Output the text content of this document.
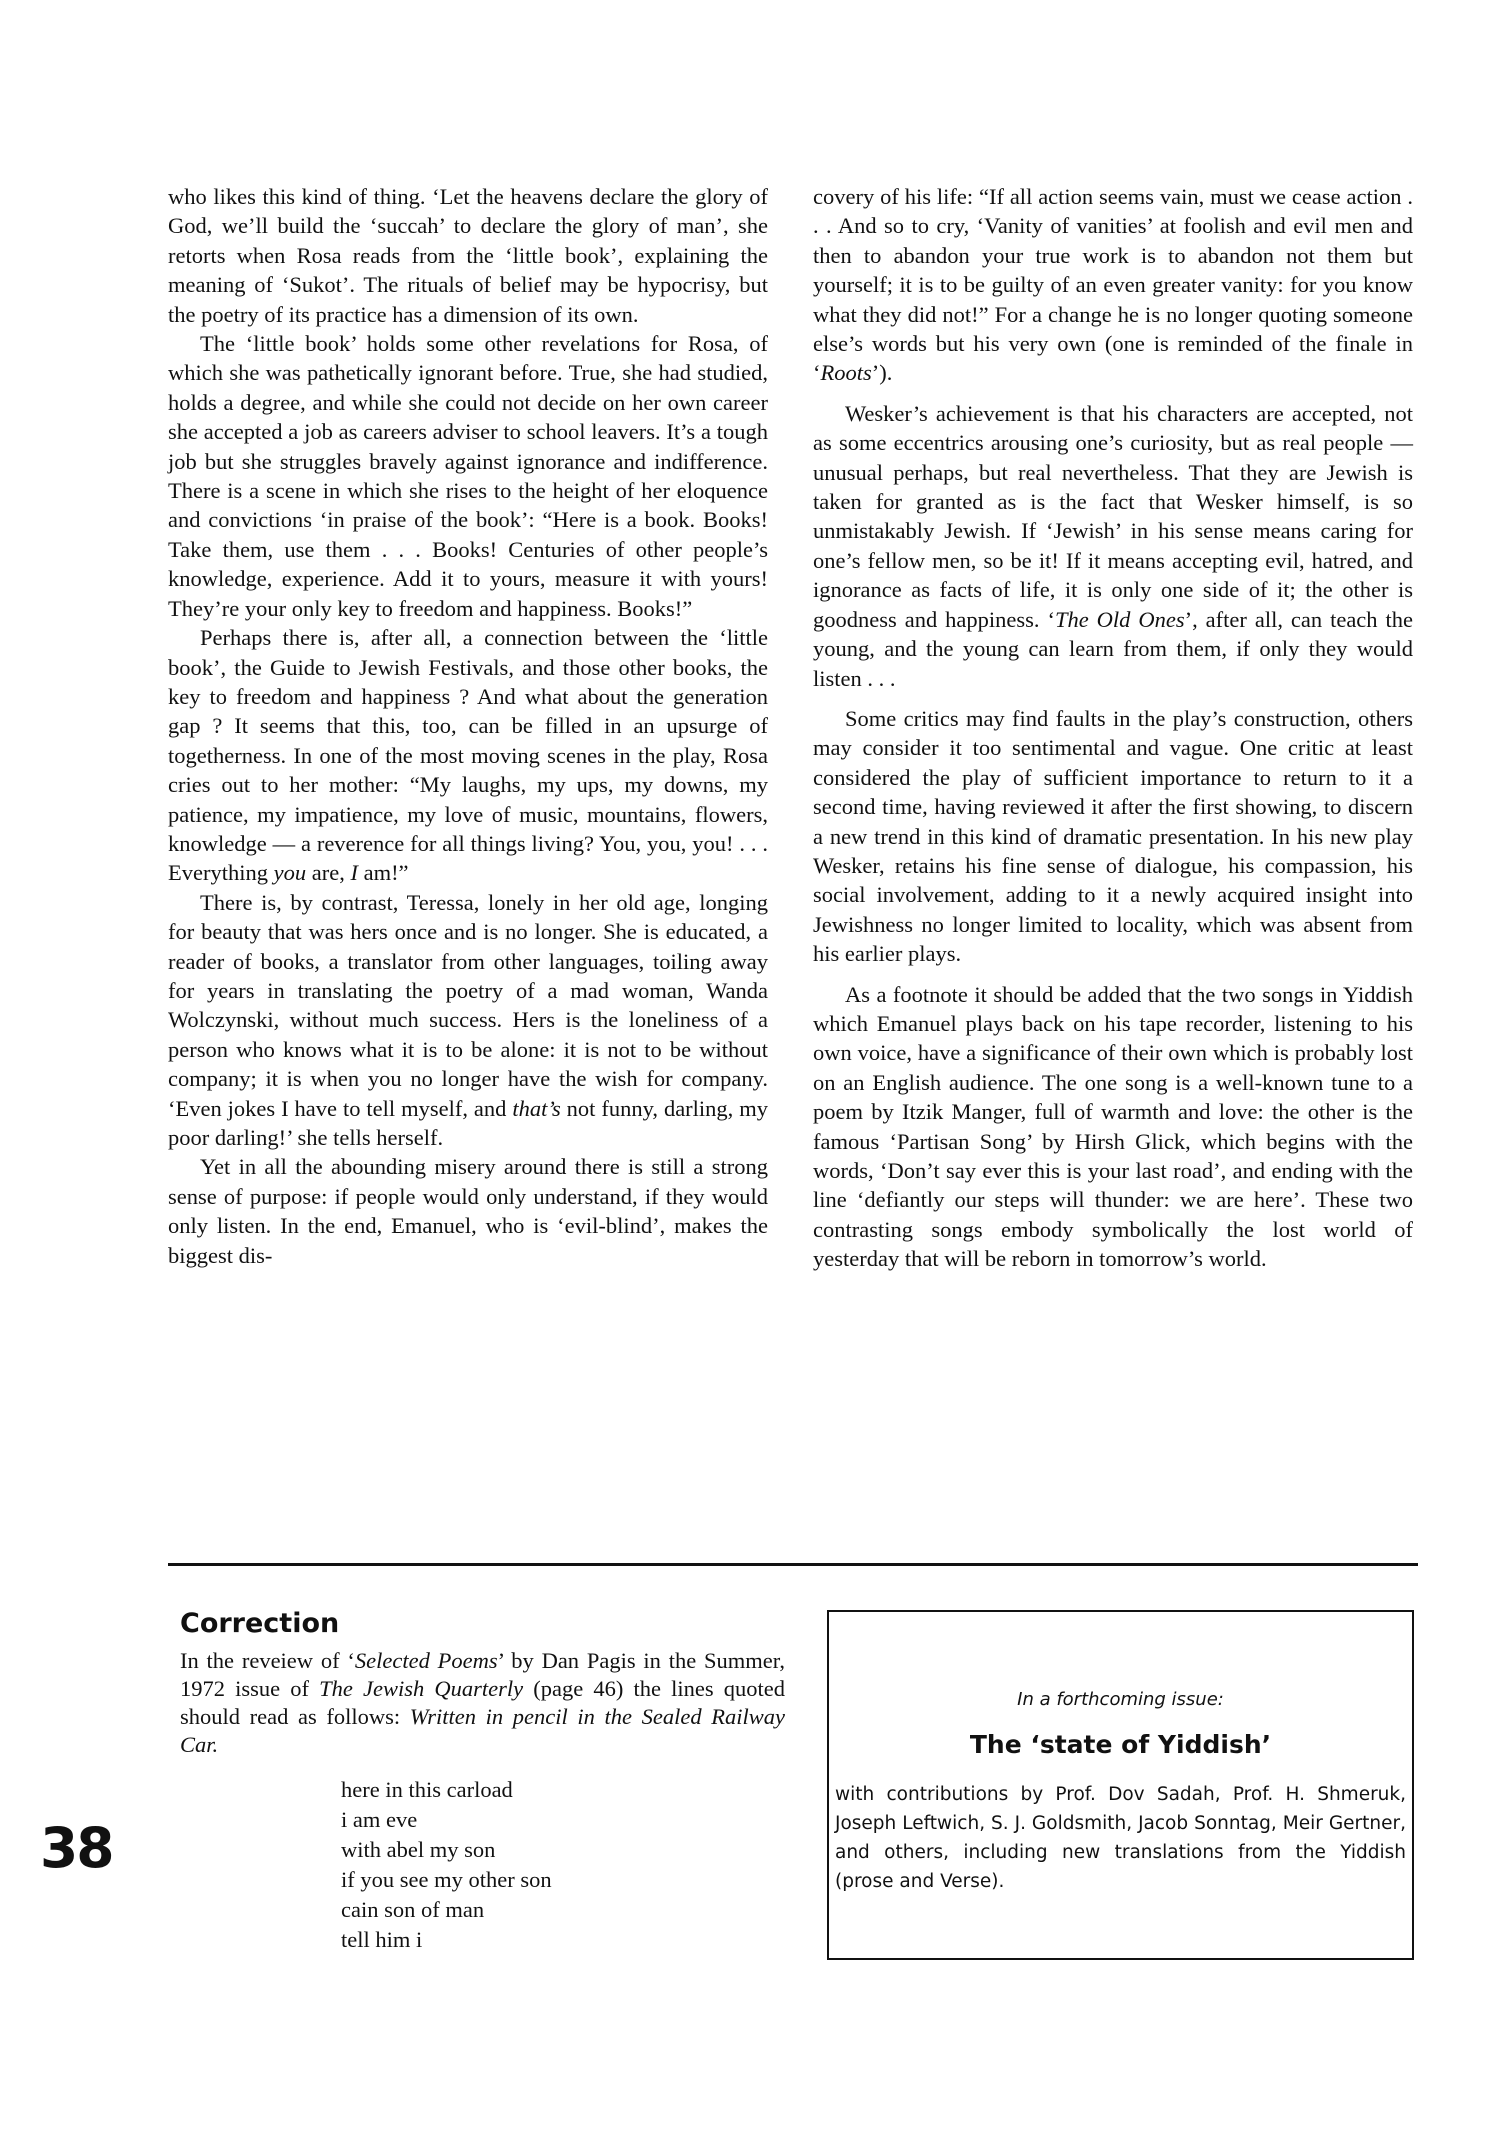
who likes this kind of thing. ‘Let the heavens declare the glory of God, we’ll build the ‘succah’ to declare the glory of man’, she retorts when Rosa reads from the ‘little book’, explaining the meaning of ‘Sukot’. The rituals of belief may be hypocrisy, but the poetry of its practice has a dimension of its own.

The ‘little book’ holds some other revelations for Rosa, of which she was pathetically ignorant before. True, she had studied, holds a degree, and while she could not decide on her own career she accepted a job as careers adviser to school leavers. It’s a tough job but she struggles bravely against ignorance and indifference. There is a scene in which she rises to the height of her eloquence and convictions ‘in praise of the book’: “Here is a book. Books! Take them, use them . . . Books! Centuries of other people’s knowledge, experience. Add it to yours, measure it with yours! They’re your only key to freedom and happiness. Books!”

Perhaps there is, after all, a connection between the ‘little book’, the Guide to Jewish Festivals, and those other books, the key to freedom and happiness ? And what about the generation gap ? It seems that this, too, can be filled in an upsurge of togetherness. In one of the most moving scenes in the play, Rosa cries out to her mother: “My laughs, my ups, my downs, my patience, my impatience, my love of music, mountains, flowers, knowledge — a reverence for all things living? You, you, you! . . . Everything you are, I am!”

There is, by contrast, Teressa, lonely in her old age, longing for beauty that was hers once and is no longer. She is educated, a reader of books, a translator from other languages, toiling away for years in translating the poetry of a mad woman, Wanda Wolczynski, without much success. Hers is the loneliness of a person who knows what it is to be alone: it is not to be without company; it is when you no longer have the wish for company. ‘Even jokes I have to tell myself, and that’s not funny, darling, my poor darling!’ she tells herself.

Yet in all the abounding misery around there is still a strong sense of purpose: if people would only understand, if they would only listen. In the end, Emanuel, who is ‘evil-blind’, makes the biggest dis-

covery of his life: “If all action seems vain, must we cease action . . . And so to cry, ‘Vanity of vanities’ at foolish and evil men and then to abandon your true work is to abandon not them but yourself; it is to be guilty of an even greater vanity: for you know what they did not!” For a change he is no longer quoting someone else’s words but his very own (one is reminded of the finale in ‘Roots’).

Wesker’s achievement is that his characters are accepted, not as some eccentrics arousing one’s curiosity, but as real people — unusual perhaps, but real nevertheless. That they are Jewish is taken for granted as is the fact that Wesker himself, is so unmistakably Jewish. If ‘Jewish’ in his sense means caring for one’s fellow men, so be it! If it means accepting evil, hatred, and ignorance as facts of life, it is only one side of it; the other is goodness and happiness. ‘The Old Ones’, after all, can teach the young, and the young can learn from them, if only they would listen . . .

Some critics may find faults in the play’s construction, others may consider it too sentimental and vague. One critic at least considered the play of sufficient importance to return to it a second time, having reviewed it after the first showing, to discern a new trend in this kind of dramatic presentation. In his new play Wesker, retains his fine sense of dialogue, his compassion, his social involvement, adding to it a newly acquired insight into Jewishness no longer limited to locality, which was absent from his earlier plays.

As a footnote it should be added that the two songs in Yiddish which Emanuel plays back on his tape recorder, listening to his own voice, have a significance of their own which is probably lost on an English audience. The one song is a well-known tune to a poem by Itzik Manger, full of warmth and love: the other is the famous ‘Partisan Song’ by Hirsh Glick, which begins with the words, ‘Don’t say ever this is your last road’, and ending with the line ‘defiantly our steps will thunder: we are here’. These two contrasting songs embody symbolically the lost world of yesterday that will be reborn in tomorrow’s world.

Correction

In the reveiew of ‘Selected Poems’ by Dan Pagis in the Summer, 1972 issue of The Jewish Quarterly (page 46) the lines quoted should read as follows: Written in pencil in the Sealed Railway Car.

here in this carload
i am eve
with abel my son
if you see my other son
cain son of man
tell him i
38
In a forthcoming issue:
The ‘state of Yiddish’
with contributions by Prof. Dov Sadah, Prof. H. Shmeruk, Joseph Leftwich, S. J. Goldsmith, Jacob Sonntag, Meir Gertner, and others, including new translations from the Yiddish (prose and Verse).
